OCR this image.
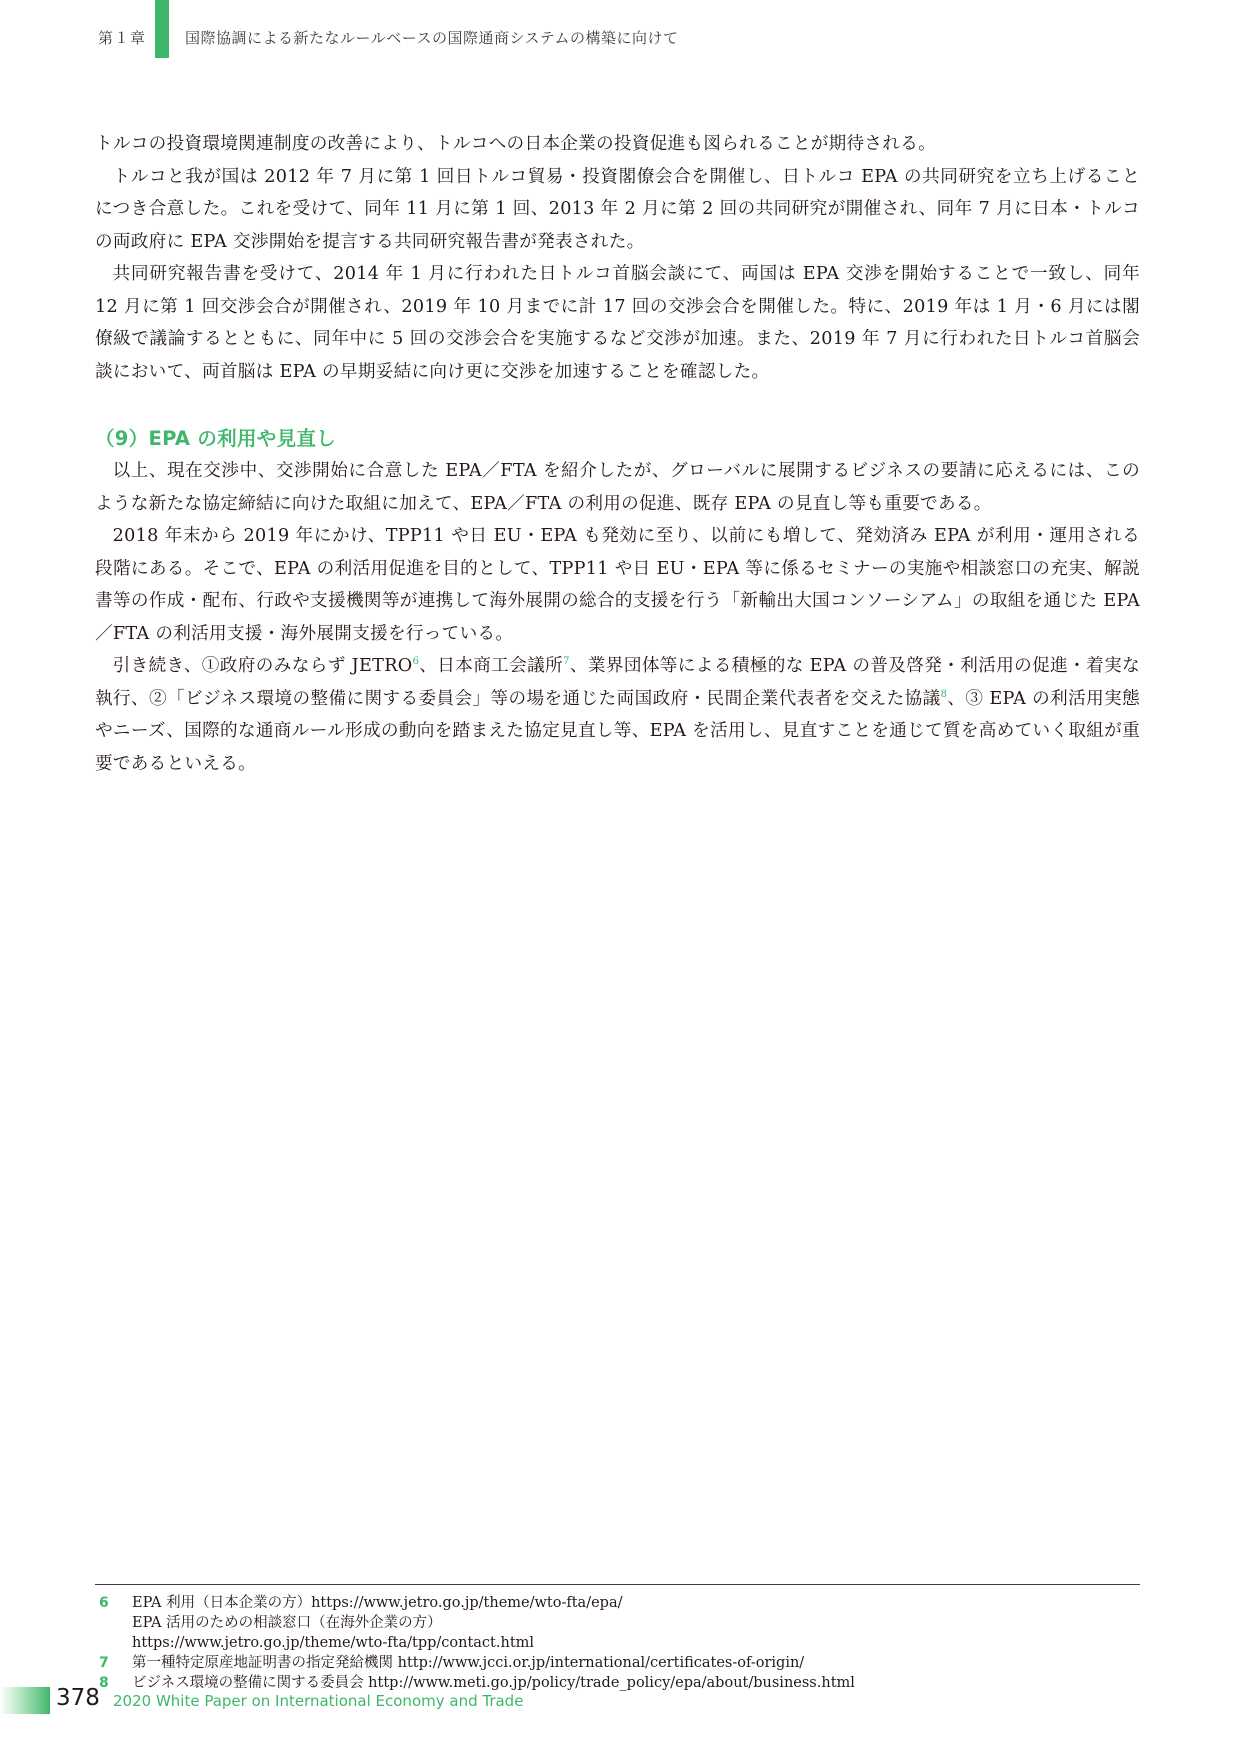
第１章	国際協調による新たなルールベースの国際通商システムの構築に向けて

トルコの投資環境関連制度の改善により、トルコへの日本企業の投資促進も図られることが期待される。

トルコと我が国は 2012 年 7 月に第 1 回日トルコ貿易・投資閣僚会合を開催し、日トルコ EPA の共同研究を立ち上げることにつき合意した。これを受けて、同年 11 月に第 1 回、2013 年 2 月に第 2 回の共同研究が開催され、同年 7 月に日本・トルコの両政府に EPA 交渉開始を提言する共同研究報告書が発表された。

共同研究報告書を受けて、2014 年 1 月に行われた日トルコ首脳会談にて、両国は EPA 交渉を開始することで一致し、同年 12 月に第 1 回交渉会合が開催され、2019 年 10 月までに計 17 回の交渉会合を開催した。特に、2019 年は 1 月・6 月には閣僚級で議論するとともに、同年中に 5 回の交渉会合を実施するなど交渉が加速。また、2019 年 7 月に行われた日トルコ首脳会談において、両首脳は EPA の早期妥結に向け更に交渉を加速することを確認した。

（9）EPA の利用や見直し

以上、現在交渉中、交渉開始に合意した EPA／FTA を紹介したが、グローバルに展開するビジネスの要請に応えるには、このような新たな協定締結に向けた取組に加えて、EPA／FTA の利用の促進、既存 EPA の見直し等も重要である。

2018 年末から 2019 年にかけ、TPP11 や日 EU・EPA も発効に至り、以前にも増して、発効済み EPA が利用・運用される段階にある。そこで、EPA の利活用促進を目的として、TPP11 や日 EU・EPA 等に係るセミナーの実施や相談窓口の充実、解説書等の作成・配布、行政や支援機関等が連携して海外展開の総合的支援を行う「新輸出大国コンソーシアム」の取組を通じた EPA／FTA の利活用支援・海外展開支援を行っている。

引き続き、①政府のみならず JETRO$^6$、日本商工会議所$^7$、業界団体等による積極的な EPA の普及啓発・利活用の促進・着実な執行、②「ビジネス環境の整備に関する委員会」等の場を通じた両国政府・民間企業代表者を交えた協議$^8$、③ EPA の利活用実態やニーズ、国際的な通商ルール形成の動向を踏まえた協定見直し等、EPA を活用し、見直すことを通じて質を高めていく取組が重要であるといえる。

6	EPA 利用（日本企業の方）https://www.jetro.go.jp/theme/wto-fta/epa/
EPA 活用のための相談窓口（在海外企業の方）
https://www.jetro.go.jp/theme/wto-fta/tpp/contact.html
7	第一種特定原産地証明書の指定発給機関 http://www.jcci.or.jp/international/certificates-of-origin/
8	ビジネス環境の整備に関する委員会 http://www.meti.go.jp/policy/trade_policy/epa/about/business.html
378 2020 White Paper on International Economy and Trade
